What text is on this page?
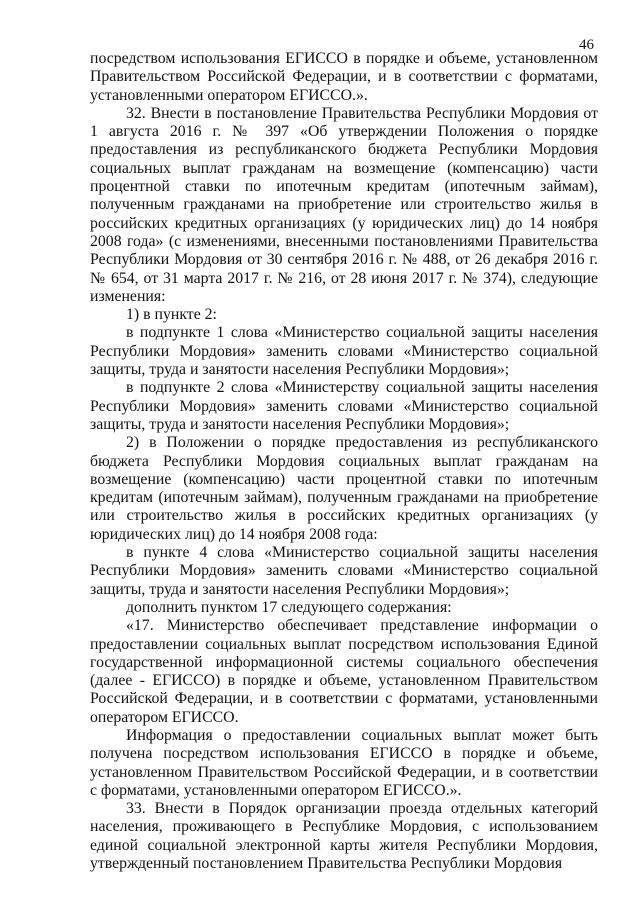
46

посредством использования ЕГИССО в порядке и объеме, установленном Правительством Российской Федерации, и в соответствии с форматами, установленными оператором ЕГИССО.».

32. Внести в постановление Правительства Республики Мордовия от 1 августа 2016 г. № 397 «Об утверждении Положения о порядке предоставления из республиканского бюджета Республики Мордовия социальных выплат гражданам на возмещение (компенсацию) части процентной ставки по ипотечным кредитам (ипотечным займам), полученным гражданами на приобретение или строительство жилья в российских кредитных организациях (у юридических лиц) до 14 ноября 2008 года» (с изменениями, внесенными постановлениями Правительства Республики Мордовия от 30 сентября 2016 г. № 488, от 26 декабря 2016 г. № 654, от 31 марта 2017 г. № 216, от 28 июня 2017 г. № 374), следующие изменения:

1) в пункте 2:

в подпункте 1 слова «Министерство социальной защиты населения Республики Мордовия» заменить словами «Министерство социальной защиты, труда и занятости населения Республики Мордовия»;

в подпункте 2 слова «Министерству социальной защиты населения Республики Мордовия» заменить словами «Министерство социальной защиты, труда и занятости населения Республики Мордовия»;

2) в Положении о порядке предоставления из республиканского бюджета Республики Мордовия социальных выплат гражданам на возмещение (компенсацию) части процентной ставки по ипотечным кредитам (ипотечным займам), полученным гражданами на приобретение или строительство жилья в российских кредитных организациях (у юридических лиц) до 14 ноября 2008 года:

в пункте 4 слова «Министерство социальной защиты населения Республики Мордовия» заменить словами «Министерство социальной защиты, труда и занятости населения Республики Мордовия»;

дополнить пунктом 17 следующего содержания:

«17. Министерство обеспечивает представление информации о предоставлении социальных выплат посредством использования Единой государственной информационной системы социального обеспечения (далее - ЕГИССО) в порядке и объеме, установленном Правительством Российской Федерации, и в соответствии с форматами, установленными оператором ЕГИССО.

Информация о предоставлении социальных выплат может быть получена посредством использования ЕГИССО в порядке и объеме, установленном Правительством Российской Федерации, и в соответствии с форматами, установленными оператором ЕГИССО.».

33. Внести в Порядок организации проезда отдельных категорий населения, проживающего в Республике Мордовия, с использованием единой социальной электронной карты жителя Республики Мордовия, утвержденный постановлением Правительства Республики Мордовия
